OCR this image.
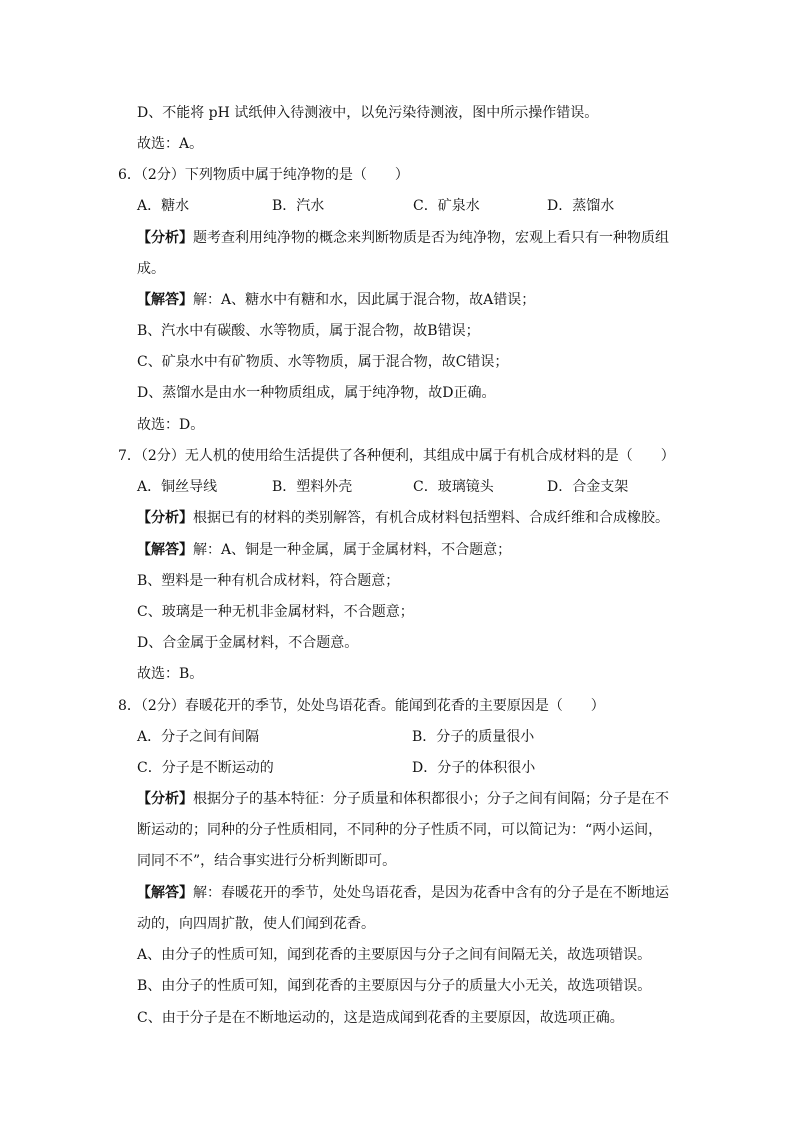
D、不能将 pH 试纸伸入待测液中，以免污染待测液，图中所示操作错误。
故选：A。
6．（2分）下列物质中属于纯净物的是（　　）
A．糖水	B．汽水	C．矿泉水	D．蒸馏水
【分析】题考查利用纯净物的概念来判断物质是否为纯净物，宏观上看只有一种物质组
成。
【解答】解：A、糖水中有糖和水，因此属于混合物，故A错误；
B、汽水中有碳酸、水等物质，属于混合物，故B错误；
C、矿泉水中有矿物质、水等物质，属于混合物，故C错误；
D、蒸馏水是由水一种物质组成，属于纯净物，故D正确。
故选：D。
7．（2分）无人机的使用给生活提供了各种便利，其组成中属于有机合成材料的是（　　）
A．铜丝导线	B．塑料外壳	C．玻璃镜头	D．合金支架
【分析】根据已有的材料的类别解答，有机合成材料包括塑料、合成纤维和合成橡胶。
【解答】解：A、铜是一种金属，属于金属材料，不合题意；
B、塑料是一种有机合成材料，符合题意；
C、玻璃是一种无机非金属材料，不合题意；
D、合金属于金属材料，不合题意。
故选：B。
8．（2分）春暖花开的季节，处处鸟语花香。能闻到花香的主要原因是（　　）
A．分子之间有间隔	B．分子的质量很小
C．分子是不断运动的	D．分子的体积很小
【分析】根据分子的基本特征：分子质量和体积都很小；分子之间有间隔；分子是在不
断运动的；同种的分子性质相同，不同种的分子性质不同，可以简记为：“两小运间，
同同不不”，结合事实进行分析判断即可。
【解答】解：春暖花开的季节，处处鸟语花香，是因为花香中含有的分子是在不断地运
动的，向四周扩散，使人们闻到花香。
A、由分子的性质可知，闻到花香的主要原因与分子之间有间隔无关，故选项错误。
B、由分子的性质可知，闻到花香的主要原因与分子的质量大小无关，故选项错误。
C、由于分子是在不断地运动的，这是造成闻到花香的主要原因，故选项正确。
